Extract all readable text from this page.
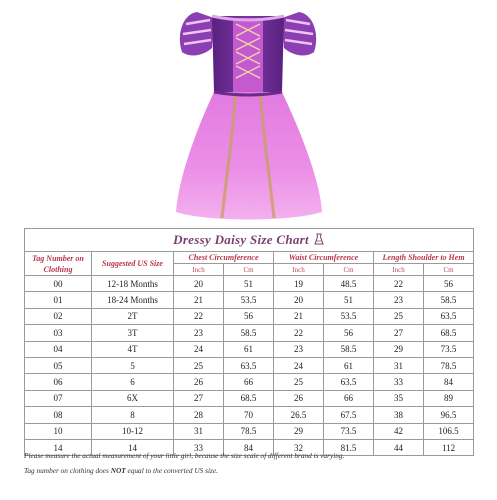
Dressy Daisy Size Chart							
Tag Number on Clothing	Suggested US Size	Chest Circumference		Waist Circumference		Length Shoulder to Hem	
		Inch	Cm	Inch	Cm	Inch	Cm
00	12-18 Months	20	51	19	48.5	22	56
01	18-24 Months	21	53.5	20	51	23	58.5
02	2T	22	56	21	53.5	25	63.5
03	3T	23	58.5	22	56	27	68.5
04	4T	24	61	23	58.5	29	73.5
05	5	25	63.5	24	61	31	78.5
06	6	26	66	25	63.5	33	84
07	6X	27	68.5	26	66	35	89
08	8	28	70	26.5	67.5	38	96.5
10	10-12	31	78.5	29	73.5	42	106.5
14	14	33	84	32	81.5	44	112
Please measure the actual measurement of your little girl, because the size scale of different brand is varying.
Tag number on clothing does NOT equal to the converted US size.
